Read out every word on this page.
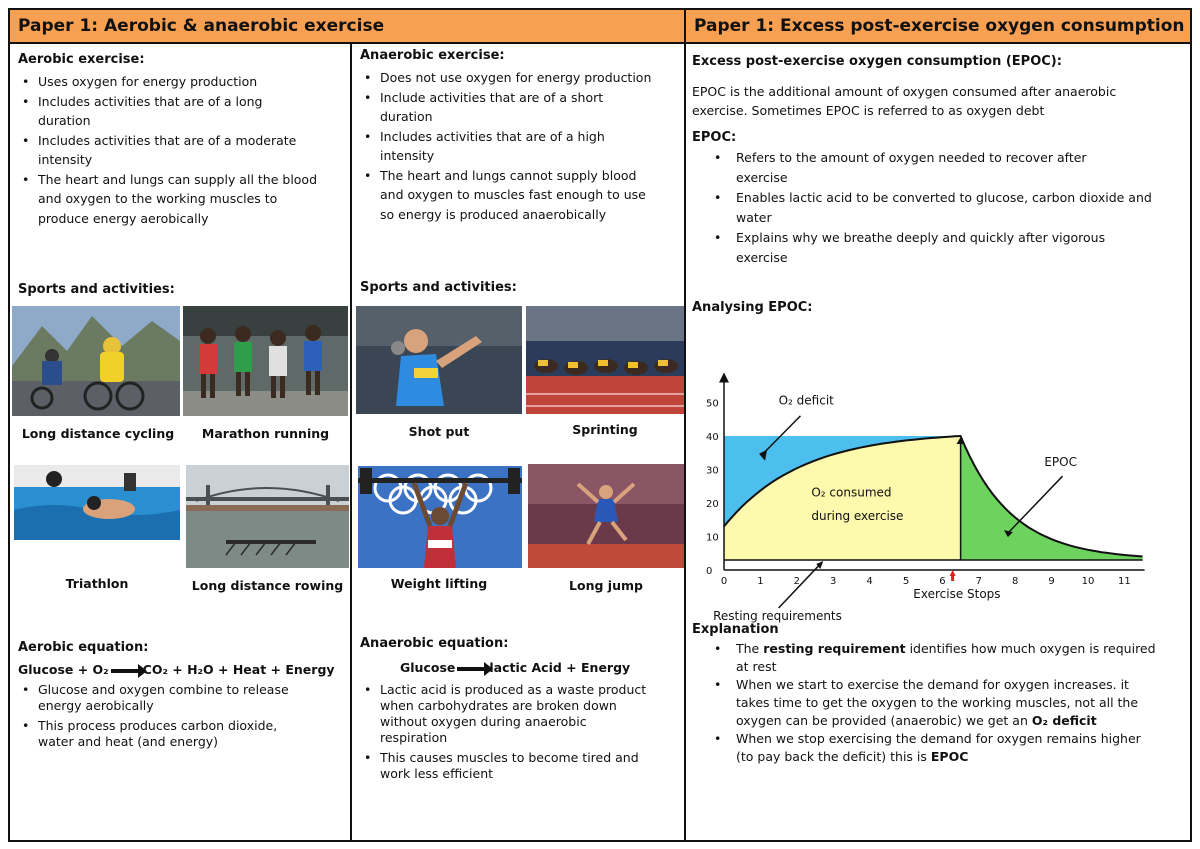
Paper 1: Aerobic & anaerobic exercise	Paper 1: Excess post-exercise oxygen consumption
Aerobic exercise:
• Uses oxygen for energy production
• Includes activities that are of a long
duration
• Includes activities that are of a moderate
intensity
• The heart and lungs can supply all the blood
and oxygen to the working muscles to
produce energy aerobically
Sports and activities:
Long distance cycling	Marathon running
Triathlon	Long distance rowing
Aerobic equation:
Glucose + O₂	CO₂ + H₂O + Heat + Energy
• Glucose and oxygen combine to release
energy aerobically
• This process produces carbon dioxide,
water and heat (and energy)
Anaerobic exercise:
• Does not use oxygen for energy production
• Include activities that are of a short
duration
• Includes activities that are of a high
intensity
• The heart and lungs cannot supply blood
and oxygen to muscles fast enough to use
so energy is produced anaerobically
Sports and activities:
Shot put	Sprinting
Weight lifting	Long jump
Anaerobic equation:
Glucose	lactic Acid + Energy
• Lactic acid is produced as a waste product
when carbohydrates are broken down
without oxygen during anaerobic
respiration
• This causes muscles to become tired and
work less efficient
Excess post-exercise oxygen consumption (EPOC):
EPOC is the additional amount of oxygen consumed after anaerobic
exercise. Sometimes EPOC is referred to as oxygen debt
EPOC:
• Refers to the amount of oxygen needed to recover after
exercise
• Enables lactic acid to be converted to glucose, carbon dioxide and
water
• Explains why we breathe deeply and quickly after vigorous
exercise
Analysing EPOC:
0	1	2	3	4	5	6	7	8	9	10 11
0
10
20
30
40
50
Exercise Stops
O₂ deficit
O₂ consumed
during exercise
EPOC
Resting requirements
Explanation
• The resting requirement identifies how much oxygen is required
at rest
• When we start to exercise the demand for oxygen increases. it
takes time to get the oxygen to the working muscles, not all the
oxygen can be provided (anaerobic) we get an O₂ deficit
• When we stop exercising the demand for oxygen remains higher
(to pay back the deficit) this is EPOC
